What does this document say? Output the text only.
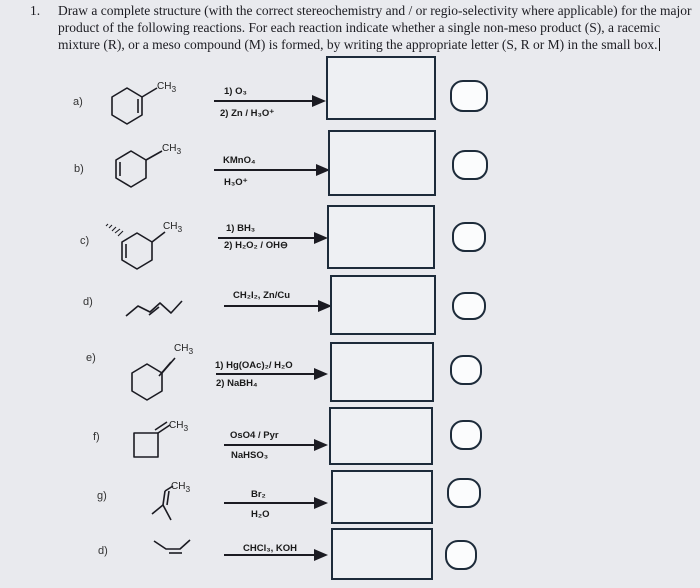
1. Draw a complete structure (with the correct stereochemistry and / or regio-selectivity where applicable) for the major product of the following reactions. For each reaction indicate whether a single non-meso product (S), a racemic mixture (R), or a meso compound (M) is formed, by writing the appropriate letter (S, R or M) in the small box.
a)
b)
c)
d)
e)
f)
g)
d)
1) O₃
2) Zn / H₃O⁺
KMnO₄
H₃O⁺
1) BH₃
2) H₂O₂ / OH⊖
CH₂I₂, Zn/Cu
1) Hg(OAc)₂/ H₂O
2) NaBH₄
OsO4 / Pyr
NaHSO₃
Br₂
H₂O
CHCl₃, KOH
$CH_3$
$CH_3$
$CH_3$
$CH_3$
$CH_3$
$CH_3$
